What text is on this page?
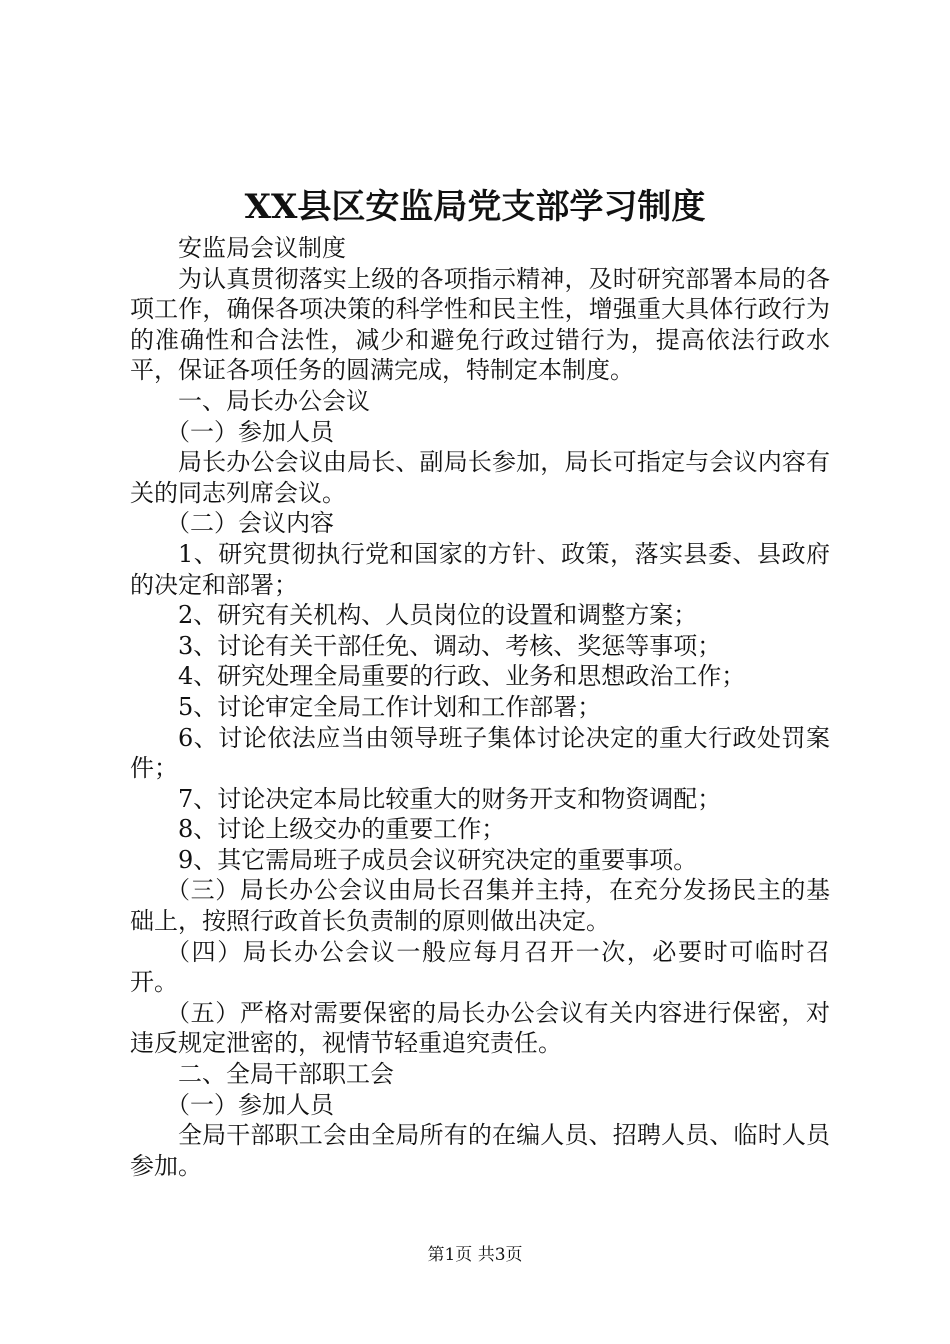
XX县区安监局党支部学习制度

安监局会议制度

为认真贯彻落实上级的各项指示精神，及时研究部署本局的各项工作，确保各项决策的科学性和民主性，增强重大具体行政行为的准确性和合法性，减少和避免行政过错行为，提高依法行政水平，保证各项任务的圆满完成，特制定本制度。

一、局长办公会议

（一）参加人员

局长办公会议由局长、副局长参加，局长可指定与会议内容有关的同志列席会议。

（二）会议内容

1、研究贯彻执行党和国家的方针、政策，落实县委、县政府的决定和部署；

2、研究有关机构、人员岗位的设置和调整方案；

3、讨论有关干部任免、调动、考核、奖惩等事项；

4、研究处理全局重要的行政、业务和思想政治工作；

5、讨论审定全局工作计划和工作部署；

6、讨论依法应当由领导班子集体讨论决定的重大行政处罚案件；

7、讨论决定本局比较重大的财务开支和物资调配；

8、讨论上级交办的重要工作；

9、其它需局班子成员会议研究决定的重要事项。

（三）局长办公会议由局长召集并主持，在充分发扬民主的基础上，按照行政首长负责制的原则做出决定。

（四）局长办公会议一般应每月召开一次，必要时可临时召开。

（五）严格对需要保密的局长办公会议有关内容进行保密，对违反规定泄密的，视情节轻重追究责任。

二、全局干部职工会

（一）参加人员

全局干部职工会由全局所有的在编人员、招聘人员、临时人员参加。

第1页 共3页
